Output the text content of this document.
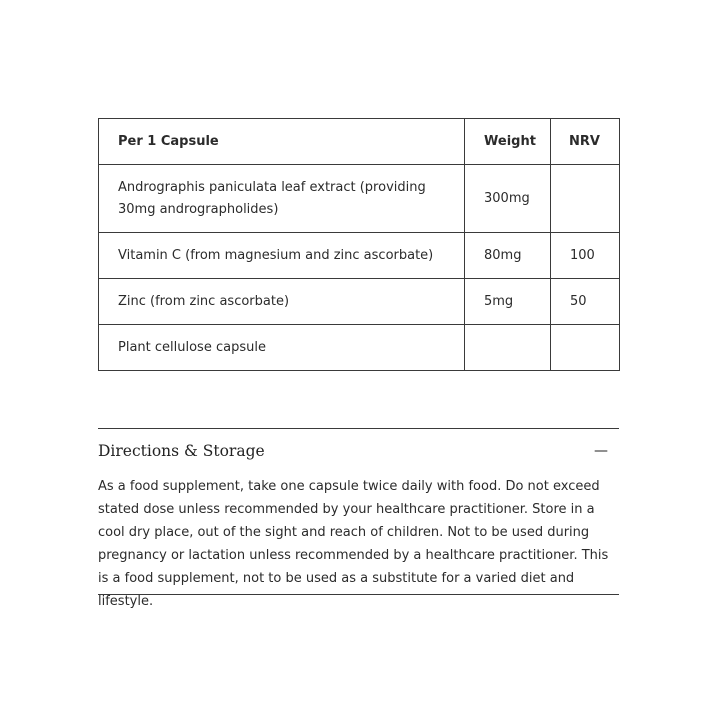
Per 1 Capsule	Weight	NRV
Andrographis paniculata leaf extract (providing 30mg andrographolides)	300mg	
Vitamin C (from magnesium and zinc ascorbate)	80mg	100
Zinc (from zinc ascorbate)	5mg	50
Plant cellulose capsule		
Directions & Storage	—

As a food supplement, take one capsule twice daily with food. Do not exceed stated dose unless recommended by your healthcare practitioner. Store in a cool dry place, out of the sight and reach of children. Not to be used during pregnancy or lactation unless recommended by a healthcare practitioner. This is a food supplement, not to be used as a substitute for a varied diet and lifestyle.
